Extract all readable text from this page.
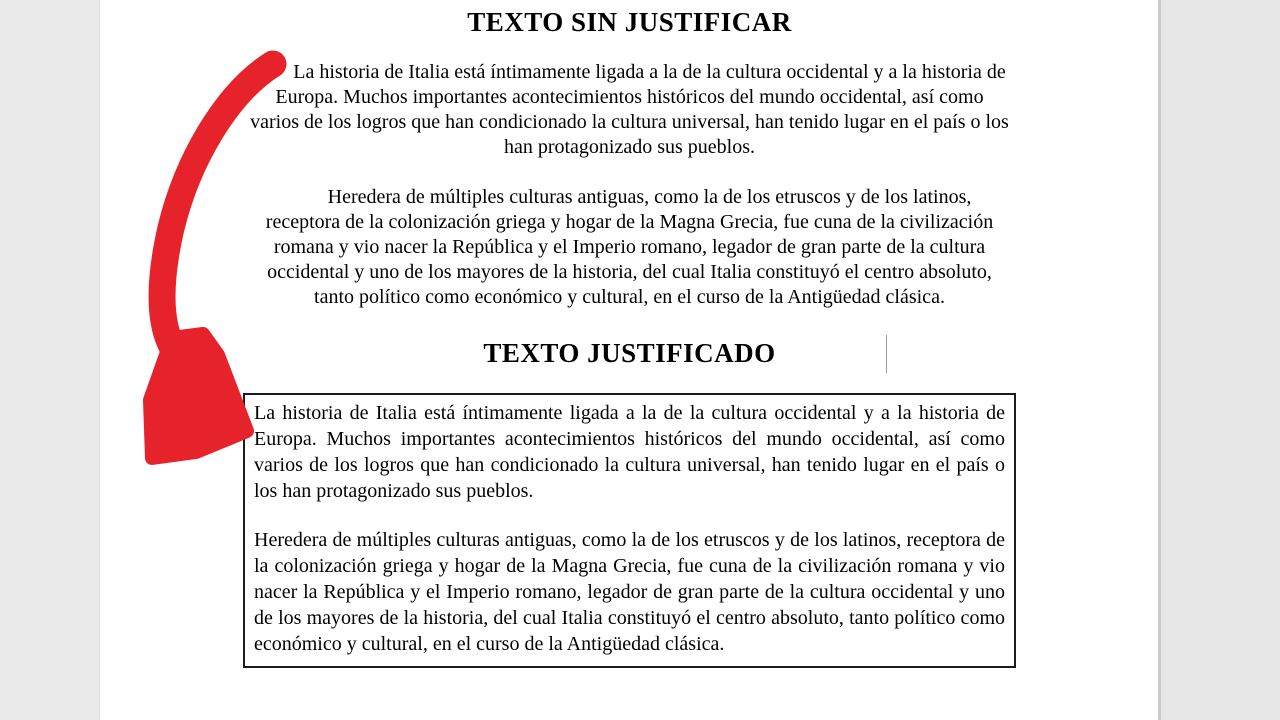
TEXTO SIN JUSTIFICAR

La historia de Italia está íntimamente ligada a la de la cultura occidental y a la historia de Europa. Muchos importantes acontecimientos históricos del mundo occidental, así como varios de los logros que han condicionado la cultura universal, han tenido lugar en el país o los han protagonizado sus pueblos.

Heredera de múltiples culturas antiguas, como la de los etruscos y de los latinos, receptora de la colonización griega y hogar de la Magna Grecia, fue cuna de la civilización romana y vio nacer la República y el Imperio romano, legador de gran parte de la cultura occidental y uno de los mayores de la historia, del cual Italia constituyó el centro absoluto, tanto político como económico y cultural, en el curso de la Antigüedad clásica.

TEXTO JUSTIFICADO

La historia de Italia está íntimamente ligada a la de la cultura occidental y a la historia de Europa. Muchos importantes acontecimientos históricos del mundo occidental, así como varios de los logros que han condicionado la cultura universal, han tenido lugar en el país o los han protagonizado sus pueblos.

Heredera de múltiples culturas antiguas, como la de los etruscos y de los latinos, receptora de la colonización griega y hogar de la Magna Grecia, fue cuna de la civilización romana y vio nacer la República y el Imperio romano, legador de gran parte de la cultura occidental y uno de los mayores de la historia, del cual Italia constituyó el centro absoluto, tanto político como económico y cultural, en el curso de la Antigüedad clásica.
